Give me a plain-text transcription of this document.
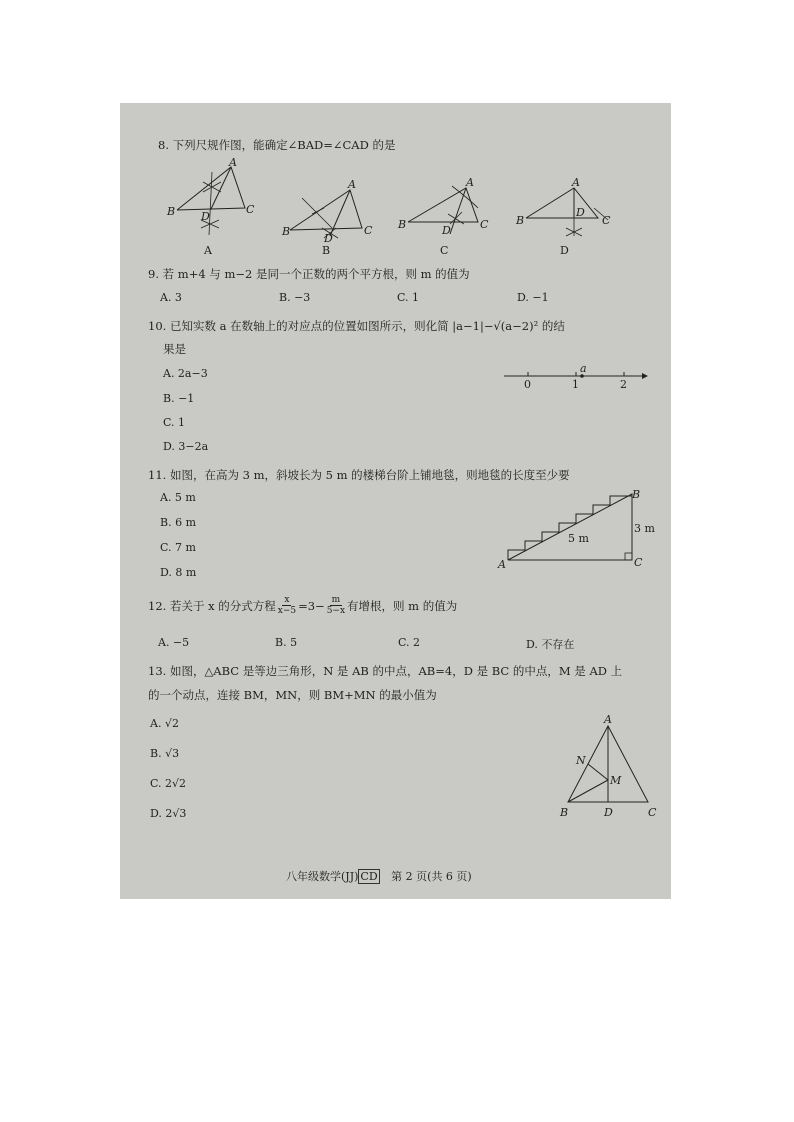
8. 下列尺规作图，能确定∠BAD=∠CAD 的是
A
B	C
D
A
A
B	C
D
B
A
B	C
D
C
A
B	C
D
D
9. 若 m+4 与 m−2 是同一个正数的两个平方根，则 m 的值为
A. 3	B. −3	C. 1	D. −1
10. 已知实数 a 在数轴上的对应点的位置如图所示，则化简 |a−1|−√(a−2)² 的结
果是
A. 2a−3
B. −1
C. 1
D. 3−2a
0	1	2
a
11. 如图，在高为 3 m，斜坡长为 5 m 的楼梯台阶上铺地毯，则地毯的长度至少要
A. 5 m
B. 6 m
C. 7 m
D. 8 m
A
B
C
3 m
5 m
12. 若关于 x 的分式方程 $\frac{x}{x-5} =3- \frac{m}{5-x}$ 有增根，则 m 的值为
A. −5	B. 5	C. 2	D. 不存在
13. 如图，△ABC 是等边三角形，N 是 AB 的中点，AB=4，D 是 BC 的中点，M 是 AD 上
的一个动点，连接 BM，MN，则 BM+MN 的最小值为
A. √2
B. √3
C. 2√2
D. 2√3
A
B	C
D
M
N
八年级数学(JJ) CD 第 2 页(共 6 页)
